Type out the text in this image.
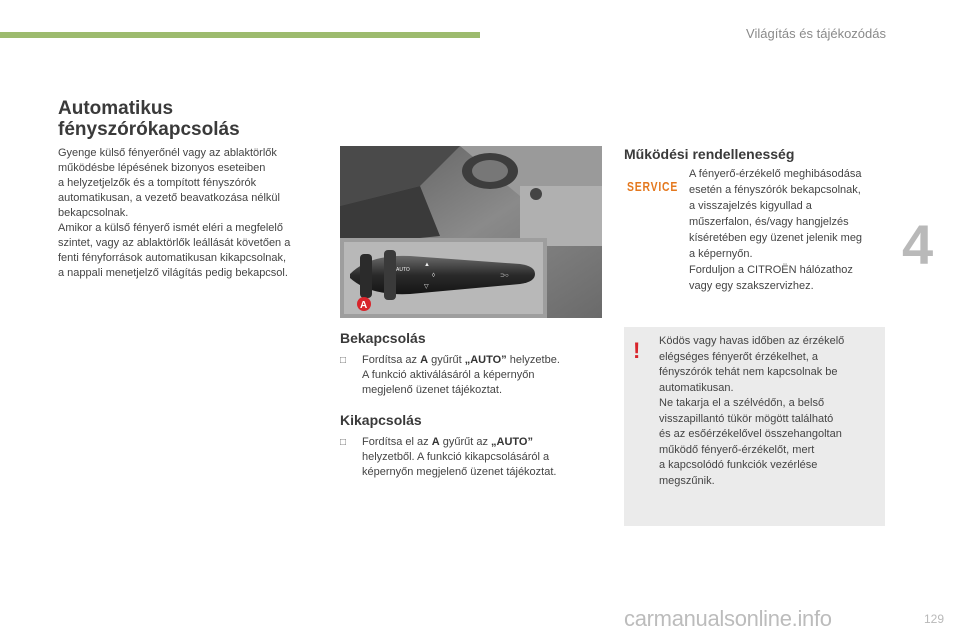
Világítás és tájékozódás
4
129
Automatikus
fényszórókapcsolás
Gyenge külső fényerőnél vagy az ablaktörlők
működésbe lépésének bizonyos eseteiben
a helyzetjelzők és a tompított fényszórók
automatikusan, a vezető beavatkozása nélkül
bekapcsolnak.
Amikor a külső fényerő ismét eléri a megfelelő
szintet, vagy az ablaktörlők leállását követően a
fenti fényforrások automatikusan kikapcsolnak,
a nappali menetjelző világítás pedig bekapcsol.	AUTO
▲
▽
◊	⊃○
A
Bekapcsolás
□	Fordítsa az A gyűrűt „AUTO” helyzetbe.
A funkció aktiválásáról a képernyőn
megjelenő üzenet tájékoztat.
Kikapcsolás
□	Fordítsa el az A gyűrűt az „AUTO”
helyzetből. A funkció kikapcsolásáról a
képernyőn megjelenő üzenet tájékoztat.
Működési rendellenesség
SERVICE
A fényerő-érzékelő meghibásodása
esetén a fényszórók bekapcsolnak,
a visszajelzés kigyullad a
műszerfalon, és/vagy hangjelzés
kíséretében egy üzenet jelenik meg
a képernyőn.
Forduljon a CITROËN hálózathoz
vagy egy szakszervizhez.
! Ködös vagy havas időben az érzékelő
elégséges fényerőt érzékelhet, a
fényszórók tehát nem kapcsolnak be
automatikusan.
Ne takarja el a szélvédőn, a belső
visszapillantó tükör mögött található
és az esőérzékelővel összehangoltan
működő fényerő-érzékelőt, mert
a kapcsolódó funkciók vezérlése
megszűnik.
carmanualsonline.info
